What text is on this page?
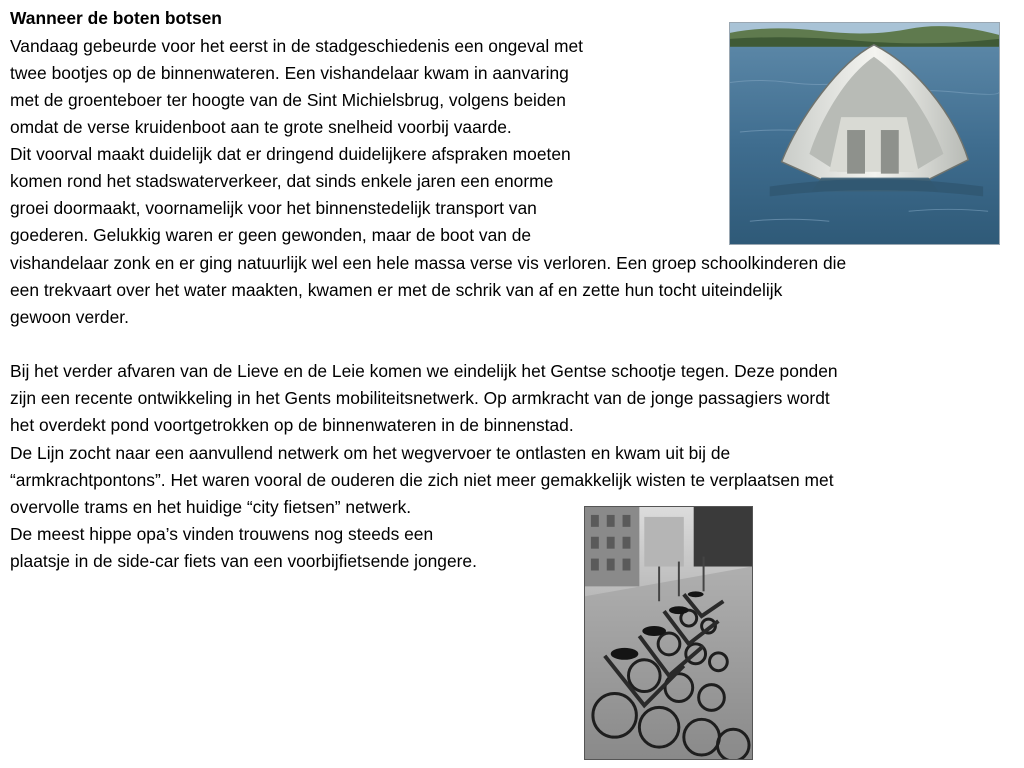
Wanneer de boten botsen

Vandaag gebeurde voor het eerst in de stadgeschiedenis een ongeval met

twee bootjes op de binnenwateren. Een vishandelaar kwam in aanvaring

met de groenteboer ter hoogte van de Sint Michielsbrug, volgens beiden

omdat de verse kruidenboot aan te grote snelheid voorbij vaarde.

Dit voorval maakt duidelijk dat er dringend duidelijkere afspraken moeten

komen rond het stadswaterverkeer, dat sinds enkele jaren een enorme

groei doormaakt, voornamelijk voor het binnenstedelijk transport van

goederen. Gelukkig waren er geen gewonden, maar de boot van de

vishandelaar zonk en er ging natuurlijk wel een hele massa verse vis verloren. Een groep schoolkinderen die

een trekvaart over het water maakten, kwamen er met de schrik van af en zette hun tocht uiteindelijk

gewoon verder.

Bij het verder afvaren van de Lieve en de Leie komen we eindelijk het Gentse schootje tegen. Deze ponden

zijn een recente ontwikkeling in het Gents mobiliteitsnetwerk. Op armkracht van de jonge passagiers wordt

het overdekt pond voortgetrokken op de binnenwateren in de binnenstad.

De Lijn zocht naar een aanvullend netwerk om het wegvervoer te ontlasten en kwam uit bij de

“armkrachtpontons”. Het waren vooral de ouderen die zich niet meer gemakkelijk wisten te verplaatsen met

overvolle trams en het huidige “city fietsen” netwerk.

De meest hippe opa’s vinden trouwens nog steeds een

plaatsje in de side-car fiets van een voorbijfietsende jongere.
